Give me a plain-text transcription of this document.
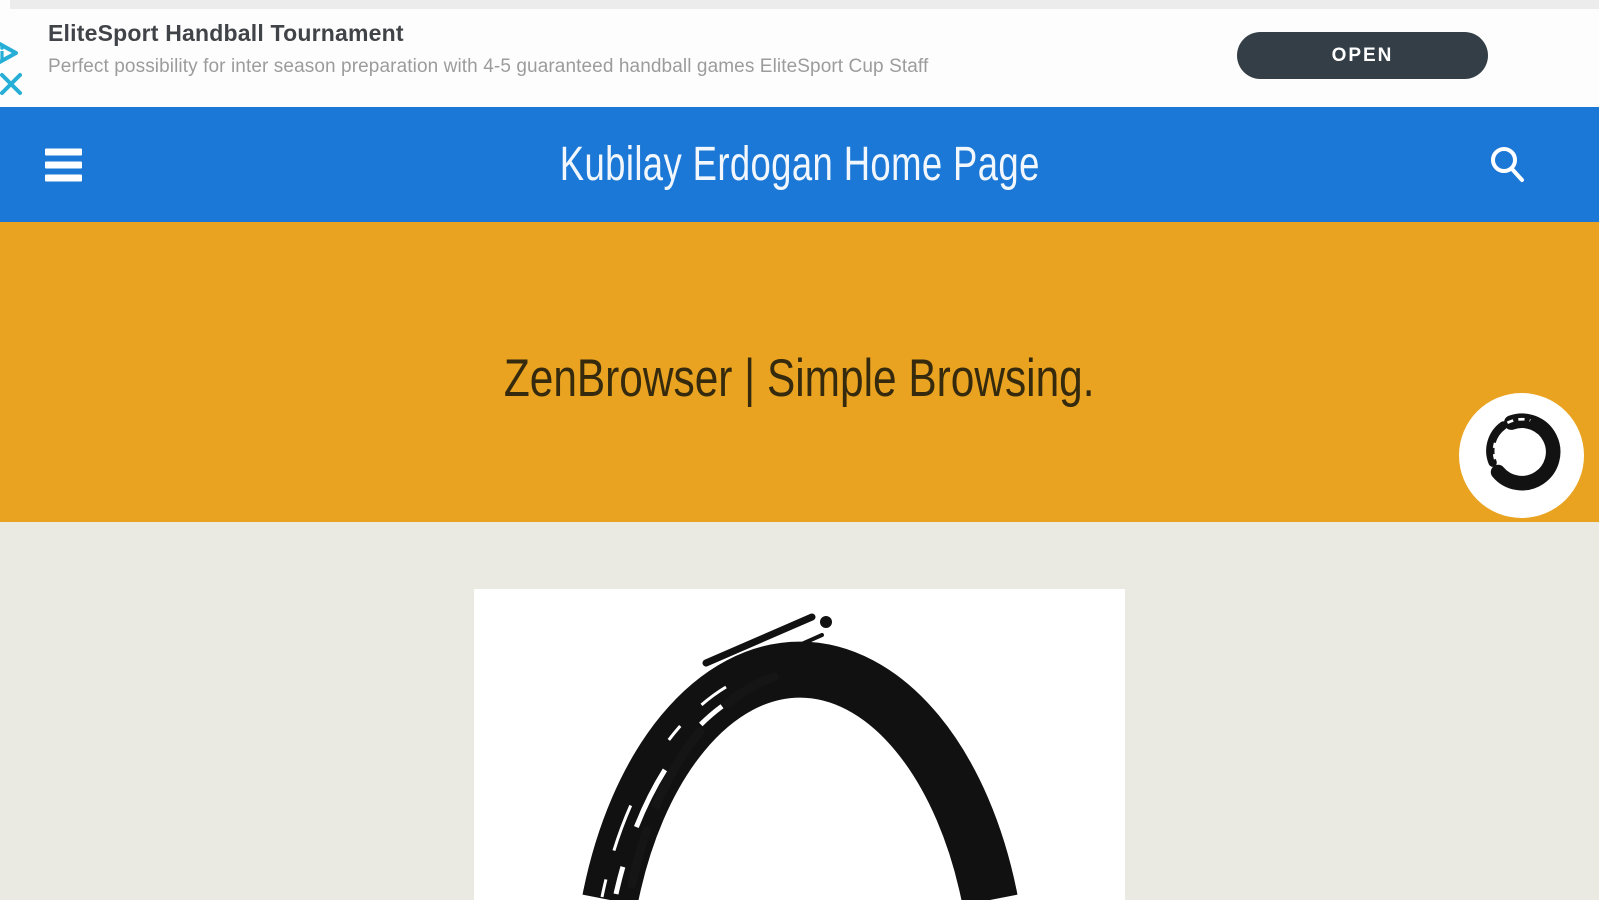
EliteSport Handball Tournament
Perfect possibility for inter season preparation with 4-5 guaranteed handball games EliteSport Cup Staff
OPEN
Kubilay Erdogan Home Page
ZenBrowser | Simple Browsing.
